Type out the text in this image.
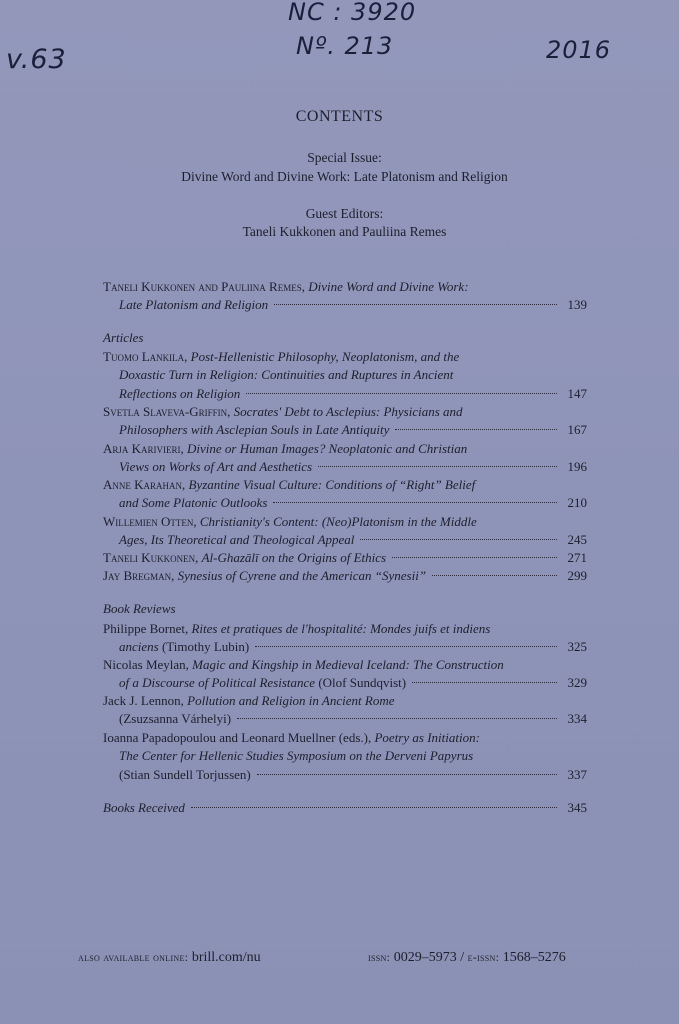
NC : 3920
Nº. 213
v.63	2016
CONTENTS
Special Issue:
Divine Word and Divine Work: Late Platonism and Religion
Guest Editors:
Taneli Kukkonen and Pauliina Remes
Taneli Kukkonen and Pauliina Remes, Divine Word and Divine Work:
Late Platonism and Religion	139
Articles
Tuomo Lankila, Post-Hellenistic Philosophy, Neoplatonism, and the
Doxastic Turn in Religion: Continuities and Ruptures in Ancient
Reflections on Religion	147
Svetla Slaveva-Griffin, Socrates' Debt to Asclepius: Physicians and
Philosophers with Asclepian Souls in Late Antiquity	167
Arja Karivieri, Divine or Human Images? Neoplatonic and Christian
Views on Works of Art and Aesthetics	196
Anne Karahan, Byzantine Visual Culture: Conditions of “Right” Belief
and Some Platonic Outlooks	210
Willemien Otten, Christianity's Content: (Neo)Platonism in the Middle
Ages, Its Theoretical and Theological Appeal	245
Taneli Kukkonen, Al-Ghazālī on the Origins of Ethics	271
Jay Bregman, Synesius of Cyrene and the American “Synesii”	299
Book Reviews
Philippe Bornet, Rites et pratiques de l'hospitalité: Mondes juifs et indiens
anciens (Timothy Lubin)	325
Nicolas Meylan, Magic and Kingship in Medieval Iceland: The Construction
of a Discourse of Political Resistance (Olof Sundqvist)	329
Jack J. Lennon, Pollution and Religion in Ancient Rome
(Zsuzsanna Várhelyi)	334
Ioanna Papadopoulou and Leonard Muellner (eds.), Poetry as Initiation:
The Center for Hellenic Studies Symposium on the Derveni Papyrus
(Stian Sundell Torjussen)	337
Books Received	345
also available online: brill.com/nu	issn: 0029–5973 / e-issn: 1568–5276
